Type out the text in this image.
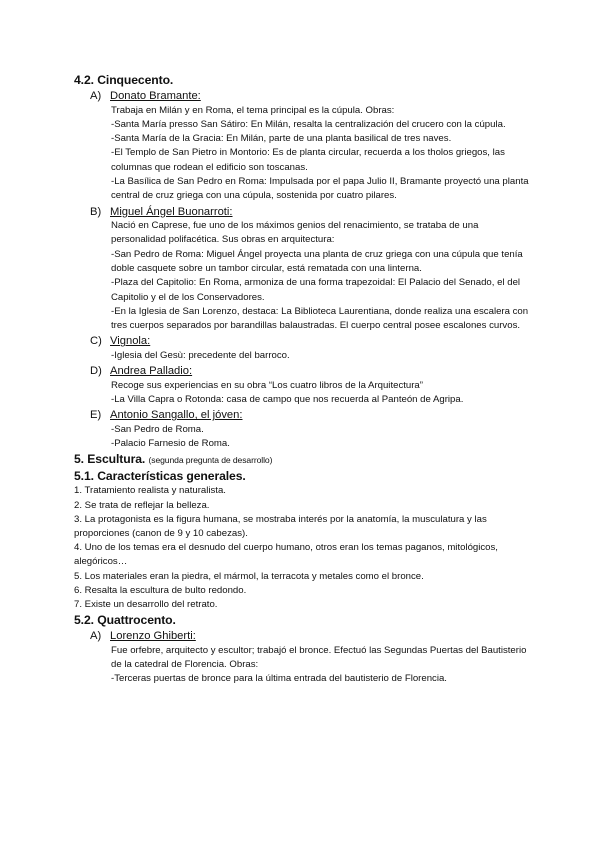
4.2. Cinquecento.
A) Donato Bramante:
Trabaja en Milán y en Roma, el tema principal es la cúpula. Obras:
-Santa María presso San Sátiro: En Milán, resalta la centralización del crucero con la cúpula.
-Santa María de la Gracia: En Milán, parte de una planta basilical de tres naves.
-El Templo de San Pietro in Montorio: Es de planta circular, recuerda a los tholos griegos, las columnas que rodean el edificio son toscanas.
-La Basílica de San Pedro en Roma: Impulsada por el papa Julio II, Bramante proyectó una planta central de cruz griega con una cúpula, sostenida por cuatro pilares.
B) Miguel Ángel Buonarroti:
Nació en Caprese, fue uno de los máximos genios del renacimiento, se trataba de una personalidad polifacética. Sus obras en arquitectura:
-San Pedro de Roma: Miguel Ángel proyecta una planta de cruz griega con una cúpula que tenía doble casquete sobre un tambor circular, está rematada con una linterna.
-Plaza del Capitolio: En Roma, armoniza de una forma trapezoidal: El Palacio del Senado, el del Capitolio y el de los Conservadores.
-En la Iglesia de San Lorenzo, destaca: La Biblioteca Laurentiana, donde realiza una escalera con tres cuerpos separados por barandillas balaustradas. El cuerpo central posee escalones curvos.
C) Vignola:
-Iglesia del Gesù: precedente del barroco.
D) Andrea Palladio:
Recoge sus experiencias en su obra “Los cuatro libros de la Arquitectura”
-La Villa Capra o Rotonda: casa de campo que nos recuerda al Panteón de Agripa.
E) Antonio Sangallo, el jóven:
-San Pedro de Roma.
-Palacio Farnesio de Roma.
5. Escultura. (segunda pregunta de desarrollo)
5.1. Características generales.
1. Tratamiento realista y naturalista.
2. Se trata de reflejar la belleza.
3. La protagonista es la figura humana, se mostraba interés por la anatomía, la musculatura y las proporciones (canon de 9 y 10 cabezas).
4. Uno de los temas era el desnudo del cuerpo humano, otros eran los temas paganos, mitológicos, alegóricos…
5. Los materiales eran la piedra, el mármol, la terracota y metales como el bronce.
6. Resalta la escultura de bulto redondo.
7. Existe un desarrollo del retrato.
5.2. Quattrocento.
A) Lorenzo Ghiberti:
Fue orfebre, arquitecto y escultor; trabajó el bronce. Efectuó las Segundas Puertas del Bautisterio de la catedral de Florencia. Obras:
-Terceras puertas de bronce para la última entrada del bautisterio de Florencia.
